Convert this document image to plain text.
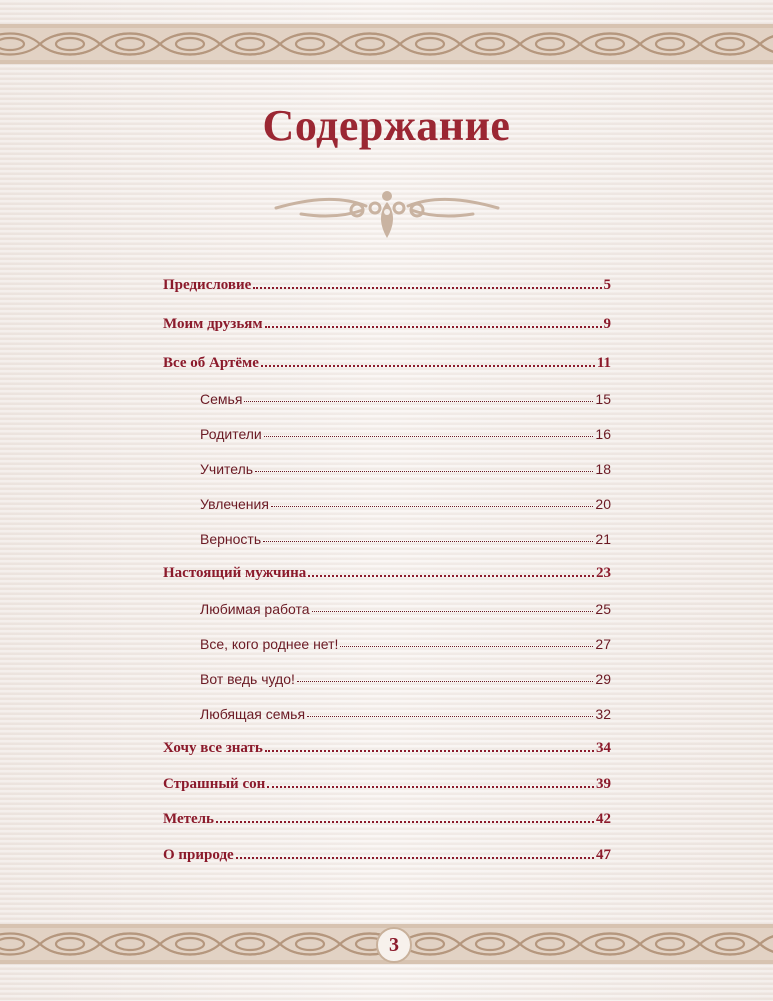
Содержание
Предисловие	5
Моим друзьям	9
Все об Артёме	11
Семья	15
Родители	16
Учитель	18
Увлечения	20
Верность	21
Настоящий мужчина	23
Любимая работа	25
Все, кого роднее нет!	27
Вот ведь чудо!	29
Любящая семья	32
Хочу все знать	34
Страшный сон	39
Метель	42
О природе	47
3
